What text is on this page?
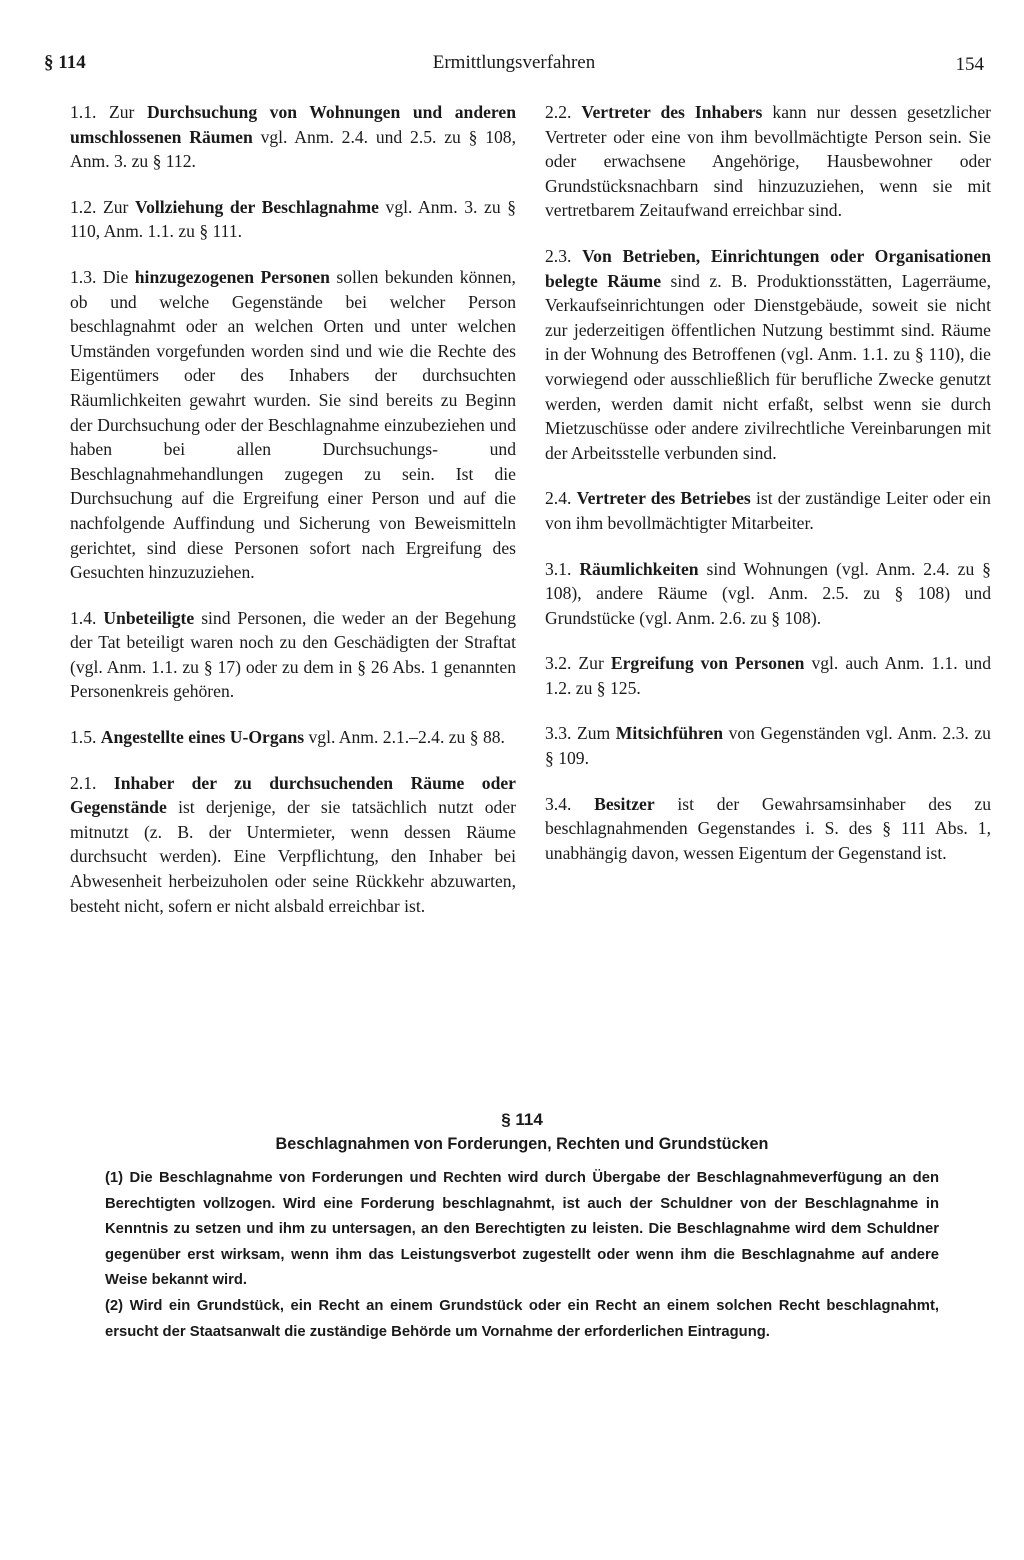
§ 114	Ermittlungsverfahren	154

1.1. Zur Durchsuchung von Wohnungen und anderen umschlossenen Räumen vgl. Anm. 2.4. und 2.5. zu § 108, Anm. 3. zu § 112.

1.2. Zur Vollziehung der Beschlagnahme vgl. Anm. 3. zu § 110, Anm. 1.1. zu § 111.

1.3. Die hinzugezogenen Personen sollen bekunden können, ob und welche Gegenstände bei welcher Person beschlagnahmt oder an welchen Orten und unter welchen Umständen vorgefunden worden sind und wie die Rechte des Eigentümers oder des Inhabers der durchsuchten Räumlichkeiten gewahrt wurden. Sie sind bereits zu Beginn der Durchsuchung oder der Beschlagnahme einzubeziehen und haben bei allen Durchsuchungs- und Beschlagnahmehandlungen zugegen zu sein. Ist die Durchsuchung auf die Ergreifung einer Person und auf die nachfolgende Auffindung und Sicherung von Beweismitteln gerichtet, sind diese Personen sofort nach Ergreifung des Gesuchten hinzuzuziehen.

1.4. Unbeteiligte sind Personen, die weder an der Begehung der Tat beteiligt waren noch zu den Geschädigten der Straftat (vgl. Anm. 1.1. zu § 17) oder zu dem in § 26 Abs. 1 genannten Personenkreis gehören.

1.5. Angestellte eines U-Organs vgl. Anm. 2.1.–2.4. zu § 88.

2.1. Inhaber der zu durchsuchenden Räume oder Gegenstände ist derjenige, der sie tatsächlich nutzt oder mitnutzt (z. B. der Untermieter, wenn dessen Räume durchsucht werden). Eine Verpflichtung, den Inhaber bei Abwesenheit herbeizuholen oder seine Rückkehr abzuwarten, besteht nicht, sofern er nicht alsbald erreichbar ist.

2.2. Vertreter des Inhabers kann nur dessen gesetzlicher Vertreter oder eine von ihm bevollmächtigte Person sein. Sie oder erwachsene Angehörige, Hausbewohner oder Grundstücksnachbarn sind hinzuzuziehen, wenn sie mit vertretbarem Zeitaufwand erreichbar sind.

2.3. Von Betrieben, Einrichtungen oder Organisationen belegte Räume sind z. B. Produktionsstätten, Lagerräume, Verkaufseinrichtungen oder Dienstgebäude, soweit sie nicht zur jederzeitigen öffentlichen Nutzung bestimmt sind. Räume in der Wohnung des Betroffenen (vgl. Anm. 1.1. zu § 110), die vorwiegend oder ausschließlich für berufliche Zwecke genutzt werden, werden damit nicht erfaßt, selbst wenn sie durch Mietzuschüsse oder andere zivilrechtliche Vereinbarungen mit der Arbeitsstelle verbunden sind.

2.4. Vertreter des Betriebes ist der zuständige Leiter oder ein von ihm bevollmächtigter Mitarbeiter.

3.1. Räumlichkeiten sind Wohnungen (vgl. Anm. 2.4. zu § 108), andere Räume (vgl. Anm. 2.5. zu § 108) und Grundstücke (vgl. Anm. 2.6. zu § 108).

3.2. Zur Ergreifung von Personen vgl. auch Anm. 1.1. und 1.2. zu § 125.

3.3. Zum Mitsichführen von Gegenständen vgl. Anm. 2.3. zu § 109.

3.4. Besitzer ist der Gewahrsamsinhaber des zu beschlagnahmenden Gegenstandes i. S. des § 111 Abs. 1, unabhängig davon, wessen Eigentum der Gegenstand ist.

§ 114
Beschlagnahmen von Forderungen, Rechten und Grundstücken

(1) Die Beschlagnahme von Forderungen und Rechten wird durch Übergabe der Beschlagnahmeverfügung an den Berechtigten vollzogen. Wird eine Forderung beschlagnahmt, ist auch der Schuldner von der Beschlagnahme in Kenntnis zu setzen und ihm zu untersagen, an den Berechtigten zu leisten. Die Beschlagnahme wird dem Schuldner gegenüber erst wirksam, wenn ihm das Leistungsverbot zugestellt oder wenn ihm die Beschlagnahme auf andere Weise bekannt wird.

(2) Wird ein Grundstück, ein Recht an einem Grundstück oder ein Recht an einem solchen Recht beschlagnahmt, ersucht der Staatsanwalt die zuständige Behörde um Vornahme der erforderlichen Eintragung.
